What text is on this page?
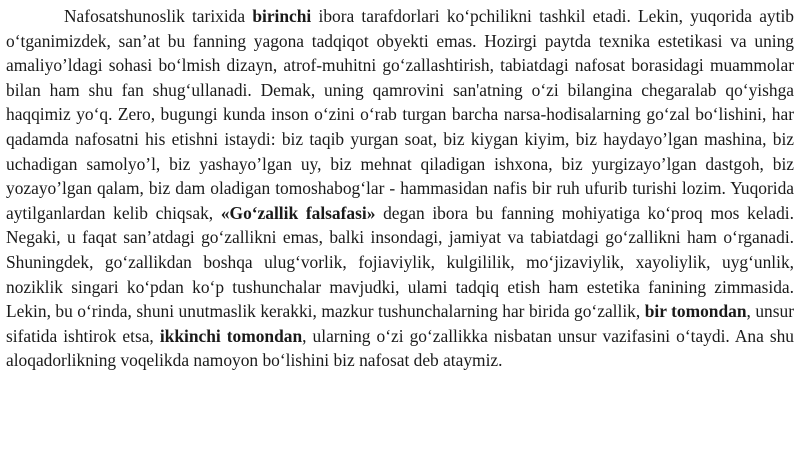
Nafosatshunoslik tarixida birinchi ibora tarafdorlari ko‘pchilikni tashkil etadi. Lekin, yuqorida aytib o‘tganimizdek, san’at bu fanning yagona tadqiqot obyekti emas. Hozirgi paytda texnika estetikasi va uning amaliyo’ldagi sohasi bo‘lmish dizayn, atrof-muhitni go‘zallashtirish, tabiatdagi nafosat borasidagi muammolar bilan ham shu fan shug‘ullanadi. Demak, uning qamrovini san'atning o‘zi bilangina chegaralab qo‘yishga haqqimiz yo‘q. Zero, bugungi kunda inson o‘zini o‘rab turgan barcha narsa-hodisalarning go‘zal bo‘lishini, har qadamda nafosatni his etishni istaydi: biz taqib yurgan soat, biz kiygan kiyim, biz haydayo’lgan mashina, biz uchadigan samolyo’l, biz yashayo’lgan uy, biz mehnat qiladigan ishxona, biz yurgizayo’lgan dastgoh, biz yozayo’lgan qalam, biz dam oladigan tomoshabog‘lar - hammasidan nafis bir ruh ufurib turishi lozim. Yuqorida aytilganlardan kelib chiqsak, «Go‘zallik falsafasi» degan ibora bu fanning mohiyatiga ko‘proq mos keladi. Negaki, u faqat san’atdagi go‘zallikni emas, balki insondagi, jamiyat va tabiatdagi go‘zallikni ham o‘rganadi. Shuningdek, go‘zallikdan boshqa ulug‘vorlik, fojiaviylik, kulgililik, mo‘jizaviylik, xayoliylik, uyg‘unlik, noziklik singari ko‘pdan ko‘p tushunchalar mavjudki, ulami tadqiq etish ham estetika fanining zimmasida. Lekin, bu o‘rinda, shuni unutmaslik kerakki, mazkur tushunchalarning har birida go‘zallik, bir tomondan, unsur sifatida ishtirok etsa, ikkinchi tomondan, ularning o‘zi go‘zallikka nisbatan unsur vazifasini o‘taydi. Ana shu aloqadorlikning voqelikda namoyon bo‘lishini biz nafosat deb ataymiz.
